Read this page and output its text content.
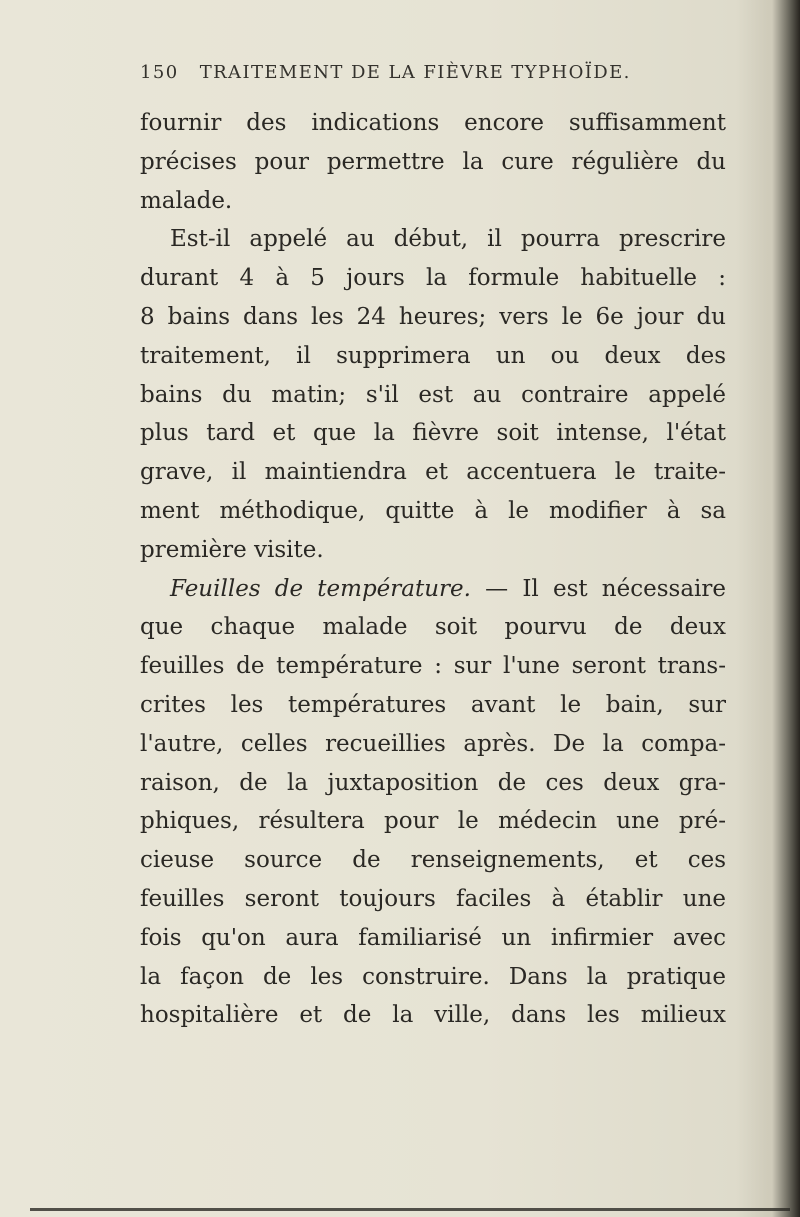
150 TRAITEMENT DE LA FIÈVRE TYPHOÏDE.
fournir des indications encore suffisamment
précises pour permettre la cure régulière du
malade.
Est-il appelé au début, il pourra prescrire
durant 4 à 5 jours la formule habituelle :
8 bains dans les 24 heures; vers le 6e jour du
traitement, il supprimera un ou deux des
bains du matin; s'il est au contraire appelé
plus tard et que la fièvre soit intense, l'état
grave, il maintiendra et accentuera le traite-
ment méthodique, quitte à le modifier à sa
première visite.
Feuilles de température. — Il est nécessaire
que chaque malade soit pourvu de deux
feuilles de température : sur l'une seront trans-
crites les températures avant le bain, sur
l'autre, celles recueillies après. De la compa-
raison, de la juxtaposition de ces deux gra-
phiques, résultera pour le médecin une pré-
cieuse source de renseignements, et ces
feuilles seront toujours faciles à établir une
fois qu'on aura familiarisé un infirmier avec
la façon de les construire. Dans la pratique
hospitalière et de la ville, dans les milieux
